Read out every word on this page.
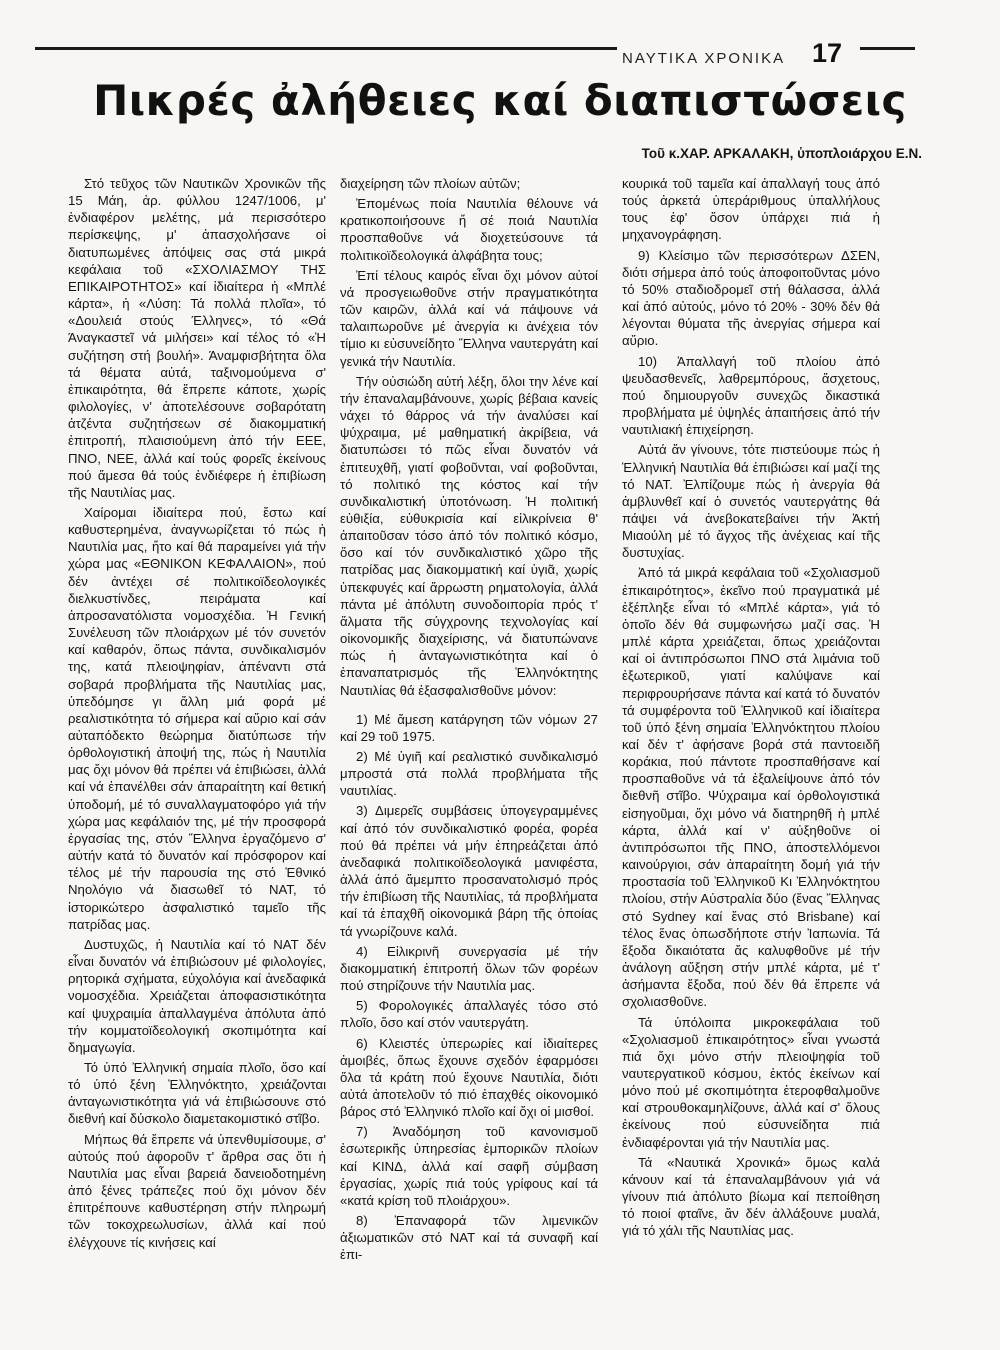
ΝΑΥΤΙΚΑ ΧΡΟΝΙΚΑ 17
Πικρές ἀλήθειες καί διαπιστώσεις
Τοῦ κ.ΧΑΡ. ΑΡΚΑΛΑΚΗ, ὑποπλοιάρχου Ε.Ν.

Στό τεῦχος τῶν Ναυτικῶν Χρονικῶν τῆς 15 Μάη, ἀρ. φύλλου 1247/1006, μ' ἐνδιαφέρον μελέτης, μά περισσότερο περίσκεψης, μ' ἀπασχολήσανε οἱ διατυπωμένες ἀπόψεις σας στά μικρά κεφάλαια τοῦ «ΣΧΟΛΙΑΣΜΟΥ ΤΗΣ ΕΠΙΚΑΙΡΟΤΗΤΟΣ» καί ἰδιαίτερα ἡ «Μπλέ κάρτα», ἡ «Λύση: Τά πολλά πλοῖα», τό «Δουλειά στούς Έλληνες», τό «Θά Άναγκαστεῖ νά μιλήσει» καί τέλος τό «Ἡ συζήτηση στή βουλή». Άναμφισβήτητα ὅλα τά θέματα αὐτά, ταξινομούμενα σ' ἐπικαιρότητα, θά ἔπρεπε κάποτε, χωρίς φιλολογίες, ν' ἀποτελέσουνε σοβαρότατη ἀτζέντα συζητήσεων σέ διακομματική ἐπιτροπή, πλαισιούμενη ἀπό τήν ΕΕΕ, ΠΝΟ, ΝΕΕ, ἀλλά καί τούς φορεῖς ἐκείνους πού ἄμεσα θά τούς ἐνδιέφερε ἡ ἐπιβίωση τῆς Ναυτιλίας μας.

Χαίρομαι ἰδιαίτερα πού, ἔστω καί καθυστερημένα, ἀναγνωρίζεται τό πώς ἡ Ναυτιλία μας, ἤτο καί θά παραμείνει γιά τήν χώρα μας «ΕΘΝΙΚΟΝ ΚΕΦΑΛΑΙΟΝ», πού δέν ἀντέχει σέ πολιτικοϊδεολογικές διελκυστίνδες, πειράματα καί ἀπροσανατόλιστα νομοσχέδια. Ἡ Γενική Συνέλευση τῶν πλοιάρχων μέ τόν συνετόν καί καθαρόν, ὅπως πάντα, συνδικαλισμόν της, κατά πλειοψηφίαν, ἀπέναντι στά σοβαρά προβλήματα τῆς Ναυτιλίας μας, ὑπεδόμησε γι ἄλλη μιά φορά μέ ρεαλιστικότητα τό σήμερα καί αὔριο καί σάν αὐταπόδεκτο θεώρημα διατύπωσε τήν ὀρθολογιστική ἀποψή της, πώς ἡ Ναυτιλία μας ὄχι μόνον θά πρέπει νά ἐπιβιώσει, ἀλλά καί νά ἐπανέλθει σάν ἀπαραίτητη καί θετική ὑποδομή, μέ τό συναλλαγματοφόρο γιά τήν χώρα μας κεφάλαιόν της, μέ τήν προσφορά ἐργασίας της, στόν Ἕλληνα ἐργαζόμενο σ' αὐτήν κατά τό δυνατόν καί πρόσφορον καί τέλος μέ τήν παρουσία της στό Ἐθνικό Νηολόγιο νά διασωθεῖ τό ΝΑΤ, τό ἱστορικώτερο ἀσφαλιστικό ταμεῖο τῆς πατρίδας μας.

Δυστυχῶς, ἡ Ναυτιλία καί τό ΝΑΤ δέν εἶναι δυνατόν νά ἐπιβιώσουν μέ φιλολογίες, ρητορικά σχήματα, εὐχολόγια καί ἀνεδαφικά νομοσχέδια. Χρειάζεται ἀποφασιστικότητα καί ψυχραιμία ἀπαλλαγμένα ἀπόλυτα ἀπό τήν κομματοϊδεολογική σκοπιμότητα καί δημαγωγία.

Τό ὑπό Ἐλληνική σημαία πλοῖο, ὅσο καί τό ὑπό ξένη Ἑλληνόκτητο, χρειάζονται ἀνταγωνιστικότητα γιά νά ἐπιβιώσουνε στό διεθνή καί δύσκολο διαμετακομιστικό στῖβο.

Μήπως θά ἔπρεπε νά ὑπενθυμίσουμε, σ' αὐτούς πού ἀφοροῦν τ' ἄρθρα σας ὅτι ἡ Ναυτιλία μας εἶναι βαρειά δανειοδοτημένη ἀπό ξένες τράπεζες πού ὄχι μόνον δέν ἐπιτρέπουνε καθυστέρηση στήν πληρωμή τῶν τοκοχρεωλυσίων, ἀλλά καί πού ἐλέγχουνε τίς κινήσεις καί

διαχείρηση τῶν πλοίων αὐτῶν;

Ἐπομένως ποία Ναυτιλία θέλουνε νά κρατικοποιήσουνε ἤ σέ ποιά Ναυτιλία προσπαθοῦνε νά διοχετεύσουνε τά πολιτικοϊδεολογικά ἀλφάβητα τους;

Ἐπί τέλους καιρός εἶναι ὄχι μόνον αὐτοί νά προσγειωθοῦνε στήν πραγματικότητα τῶν καιρῶν, ἀλλά καί νά πάψουνε νά ταλαιπωροῦνε μέ ἀνεργία κι ἀνέχεια τόν τίμιο κι εὐσυνείδητο Ἕλληνα ναυτεργάτη καί γενικά τήν Ναυτιλία.

Τήν οὐσιώδη αὐτή λέξη, ὅλοι την λένε καί τήν ἐπαναλαμβάνουνε, χωρίς βέβαια κανείς νάχει τό θάρρος νά τήν ἀναλύσει καί ψύχραιμα, μέ μαθηματική ἀκρίβεια, νά διατυπώσει τό πῶς εἶναι δυνατόν νά ἐπιτευχθῆ, γιατί φοβοῦνται, ναί φοβοῦνται, τό πολιτικό της κόστος καί τήν συνδικαλιστική ὑποτόνωση. Ἡ πολιτική εὐθιξία, εὐθυκρισία καί εἰλικρίνεια θ' ἀπαιτοῦσαν τόσο ἀπό τόν πολιτικό κόσμο, ὅσο καί τόν συνδικαλιστικό χῶρο τῆς πατρίδας μας διακομματική καί ὑγιᾶ, χωρίς ὑπεκφυγές καί ἄρρωστη ρηματολογία, ἀλλά πάντα μέ ἀπόλυτη συνοδοιπορία πρός τ' ἅλματα τῆς σύγχρονης τεχνολογίας καί οἰκονομικῆς διαχείρισης, νά διατυπώνανε πώς ἡ ἀνταγωνιστικότητα καί ὁ ἐπαναπατρισμός τῆς Ἑλληνόκτητης Ναυτιλίας θά ἐξασφαλισθοῦνε μόνον:

1) Μέ ἄμεση κατάργηση τῶν νόμων 27 καί 29 τοῦ 1975.

2) Μέ ὑγιῆ καί ρεαλιστικό συνδικαλισμό μπροστά στά πολλά προβλήματα τῆς ναυτιλίας.

3) Διμερεῖς συμβάσεις ὑπογεγραμμένες καί ἀπό τόν συνδικαλιστικό φορέα, φορέα πού θά πρέπει νά μήν ἐπηρεάζεται ἀπό ἀνεδαφικά πολιτικοϊδεολογικά μανιφέστα, ἀλλά ἀπό ἄμεμπτο προσανατολισμό πρός τήν ἐπιβίωση τῆς Ναυτιλίας, τά προβλήματα καί τά ἐπαχθῆ οἰκονομικά βάρη τῆς ὁποίας τά γνωρίζουνε καλά.

4) Εἰλικρινῆ συνεργασία μέ τήν διακομματική ἐπιτροπή ὅλων τῶν φορέων πού στηρίζουνε τήν Ναυτιλία μας.

5) Φορολογικές ἀπαλλαγές τόσο στό πλοῖο, ὅσο καί στόν ναυτεργάτη.

6) Κλειστές ὑπερωρίες καί ἰδιαίτερες ἀμοιβές, ὅπως ἔχουνε σχεδόν ἐφαρμόσει ὅλα τά κράτη πού ἔχουνε Ναυτιλία, διότι αὐτά ἀποτελοῦν τό πιό ἐπαχθές οἰκονομικό βάρος στό Ἐλληνικό πλοῖο καί ὄχι οἱ μισθοί.

7) Ἀναδόμηση τοῦ κανονισμοῦ ἐσωτερικῆς ὑπηρεσίας ἐμπορικῶν πλοίων καί ΚΙΝΔ, ἀλλά καί σαφῆ σύμβαση ἐργασίας, χωρίς πιά τούς γρίφους καί τά «κατά κρίση τοῦ πλοιάρχου».

8) Ἐπαναφορά τῶν λιμενικῶν ἀξιωματικῶν στό ΝΑΤ καί τά συναφῆ καί ἐπι-

κουρικά τοῦ ταμεῖα καί ἀπαλλαγή τους ἀπό τούς ἀρκετά ὑπεράριθμους ὑπαλλήλους τους ἐφ' ὅσον ὑπάρχει πιά ἡ μηχανογράφηση.

9) Κλείσιμο τῶν περισσότερων ΔΣΕΝ, διότι σήμερα ἀπό τούς ἀποφοιτοῦντας μόνο τό 50% σταδιοδρομεῖ στή θάλασσα, ἀλλά καί ἀπό αὐτούς, μόνο τό 20% - 30% δέν θά λέγονται θύματα τῆς ἀνεργίας σήμερα καί αὔριο.

10) Ἀπαλλαγή τοῦ πλοίου ἀπό ψευδασθενεῖς, λαθρεμπόρους, ἄσχετους, πού δημιουργοῦν συνεχῶς δικαστικά προβλήματα μέ ὑψηλές ἀπαιτήσεις ἀπό τήν ναυτιλιακή ἐπιχείρηση.

Αὐτά ἄν γίνουνε, τότε πιστεύουμε πώς ἡ Ἑλληνική Ναυτιλία θά ἐπιβιώσει καί μαζί της τό ΝΑΤ. Ἐλπίζουμε πώς ἡ ἀνεργία θά ἀμβλυνθεῖ καί ὁ συνετός ναυτεργάτης θά πάψει νά ἀνεβοκατεβαίνει τήν Ἀκτή Μιαούλη μέ τό ἄγχος τῆς ἀνέχειας καί τῆς δυστυχίας.

Ἀπό τά μικρά κεφάλαια τοῦ «Σχολιασμοῦ ἐπικαιρότητος», ἐκεῖνο πού πραγματικά μέ ἐξέπληξε εἶναι τό «Μπλέ κάρτα», γιά τό ὁποῖο δέν θά συμφωνήσω μαζί σας. Ἡ μπλέ κάρτα χρειάζεται, ὅπως χρειάζονται καί οἱ ἀντιπρόσωποι ΠΝΟ στά λιμάνια τοῦ ἐξωτερικοῦ, γιατί καλύψανε καί περιφρουρήσανε πάντα καί κατά τό δυνατόν τά συμφέροντα τοῦ Ἑλληνικοῦ καί ἰδιαίτερα τοῦ ὑπό ξένη σημαία Ἑλληνόκτητου πλοίου καί δέν τ' ἀφήσανε βορά στά παντοειδῆ κοράκια, πού πάντοτε προσπαθήσανε καί προσπαθοῦνε νά τά ἐξαλείψουνε ἀπό τόν διεθνῆ στῖβο. Ψύχραιμα καί ὀρθολογιστικά εἰσηγοῦμαι, ὄχι μόνο νά διατηρηθῆ ἡ μπλέ κάρτα, ἀλλά καί ν' αὐξηθοῦνε οἱ ἀντιπρόσωποι τῆς ΠΝΟ, ἀποστελλόμενοι καινούργιοι, σάν ἀπαραίτητη δομή γιά τήν προστασία τοῦ Ἑλληνικοῦ Κι Ἑλληνόκτητου πλοίου, στήν Αὐστραλία δύο (ἕνας Ἕλληνας στό Sydney καί ἕνας στό Brisbane) καί τέλος ἕνας ὁπωσδήποτε στήν Ἰαπωνία. Τά ἔξοδα δικαιότατα ἄς καλυφθοῦνε μέ τήν ἀνάλογη αὔξηση στήν μπλέ κάρτα, μέ τ' ἀσήμαντα ἔξοδα, πού δέν θά ἔπρεπε νά σχολιασθοῦνε.

Τά ὑπόλοιπα μικροκεφάλαια τοῦ «Σχολιασμοῦ ἐπικαιρότητος» εἶναι γνωστά πιά ὄχι μόνο στήν πλειοψηφία τοῦ ναυτεργατικοῦ κόσμου, ἐκτός ἐκείνων καί μόνο πού μέ σκοπιμότητα ἑτεροφθαλμοῦνε καί στρουθοκαμηλίζουνε, ἀλλά καί σ' ὅλους ἐκείνους πού εὐσυνείδητα πιά ἐνδιαφέρονται γιά τήν Ναυτιλία μας.

Τά «Ναυτικά Χρονικά» ὅμως καλά κάνουν καί τά ἐπαναλαμβάνουν γιά νά γίνουν πιά ἀπόλυτο βίωμα καί πεποίθηση τό ποιοί φταῖνε, ἄν δέν ἀλλάξουνε μυαλά, γιά τό χάλι τῆς Ναυτιλίας μας.
